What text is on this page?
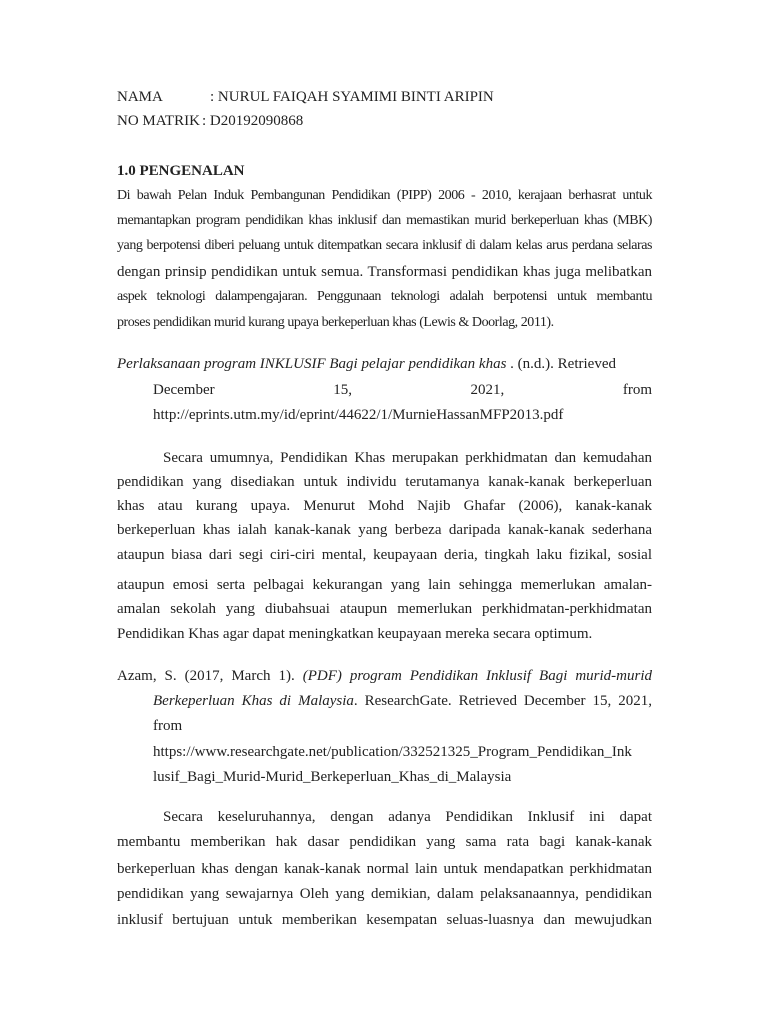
NAMA	: NURUL FAIQAH SYAMIMI BINTI ARIPIN
NO MATRIK : D20192090868
1.0 PENGENALAN
Di bawah Pelan Induk Pembangunan Pendidikan (PIPP) 2006 - 2010, kerajaan berhasrat untuk
memantapkan program pendidikan khas inklusif dan memastikan murid berkeperluan khas (MBK)
yang berpotensi diberi peluang untuk ditempatkan secara inklusif di dalam kelas arus perdana selaras
dengan prinsip pendidikan untuk semua. Transformasi pendidikan khas juga melibatkan
aspek teknologi dalampengajaran. Penggunaan teknologi adalah berpotensi untuk membantu
proses pendidikan murid kurang upaya berkeperluan khas (Lewis & Doorlag, 2011).
Perlaksanaan program INKLUSIF Bagi pelajar pendidikan khas . (n.d.). Retrieved
December	15,	2021,	from
http://eprints.utm.my/id/eprint/44622/1/MurnieHassanMFP2013.pdf
Secara umumnya, Pendidikan Khas merupakan perkhidmatan dan kemudahan
pendidikan yang disediakan untuk individu terutamanya kanak-kanak berkeperluan
khas atau kurang upaya. Menurut Mohd Najib Ghafar (2006), kanak-kanak
berkeperluan khas ialah kanak-kanak yang berbeza daripada kanak-kanak sederhana
ataupun biasa dari segi ciri-ciri mental, keupayaan deria, tingkah laku fizikal, sosial
ataupun emosi serta pelbagai kekurangan yang lain sehingga memerlukan amalan-
amalan sekolah yang diubahsuai ataupun memerlukan perkhidmatan-perkhidmatan
Pendidikan Khas agar dapat meningkatkan keupayaan mereka secara optimum.
Azam, S. (2017, March 1). (PDF) program Pendidikan Inklusif Bagi murid-murid
Berkeperluan Khas di Malaysia. ResearchGate. Retrieved December 15, 2021,
from
https://www.researchgate.net/publication/332521325_Program_Pendidikan_Ink
lusif_Bagi_Murid-Murid_Berkeperluan_Khas_di_Malaysia
Secara keseluruhannya, dengan adanya Pendidikan Inklusif ini dapat
membantu memberikan hak dasar pendidikan yang sama rata bagi kanak-kanak
berkeperluan khas dengan kanak-kanak normal lain untuk mendapatkan perkhidmatan
pendidikan yang sewajarnya Oleh yang demikian, dalam pelaksanaannya, pendidikan
inklusif bertujuan untuk memberikan kesempatan seluas-luasnya dan mewujudkan
